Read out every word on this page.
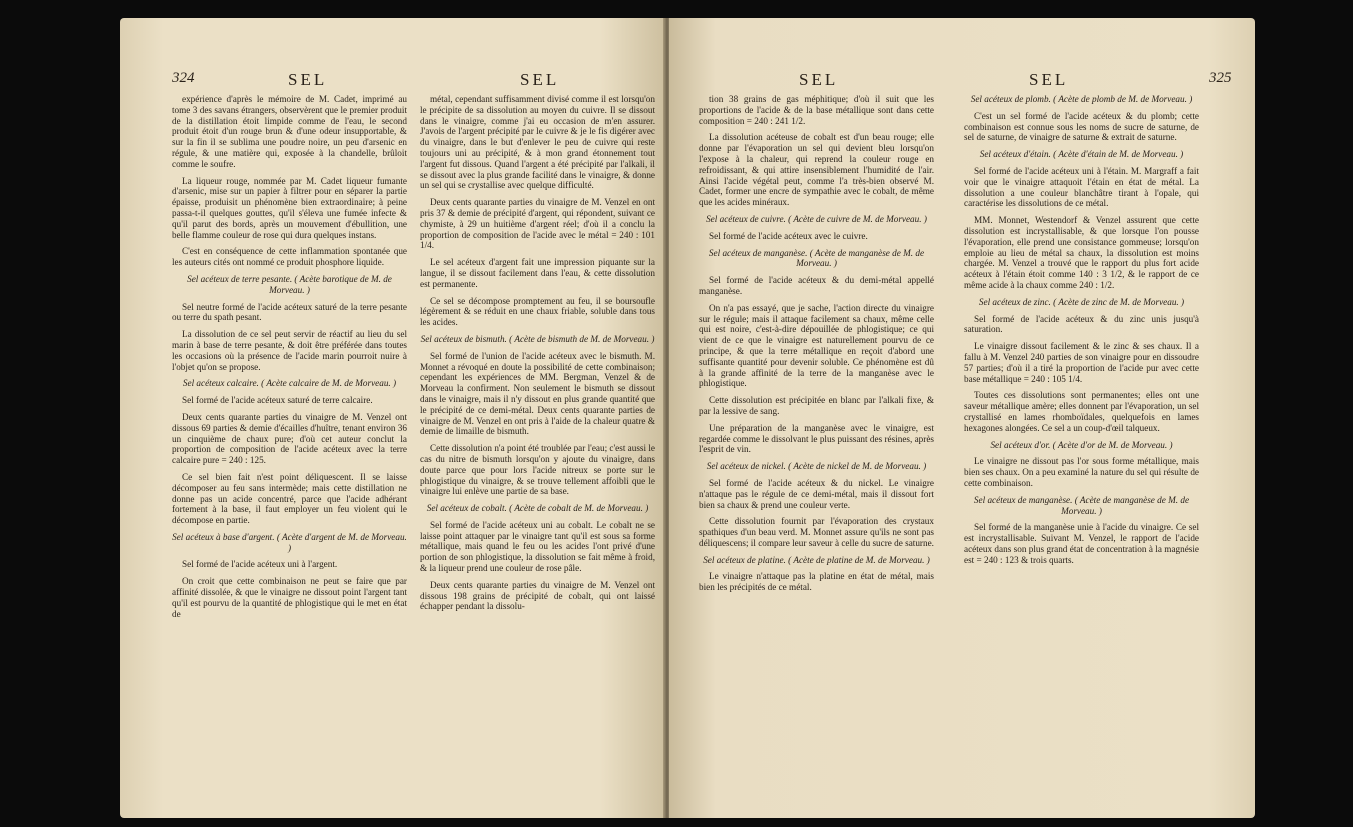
324	SEL	SEL

expérience d'après le mémoire de M. Cadet, imprimé au tome 3 des savans étrangers, observèrent que le premier produit de la distillation étoit limpide comme de l'eau, le second produit étoit d'un rouge brun & d'une odeur insupportable, & sur la fin il se sublima une poudre noire, un peu d'arsenic en régule, & une matière qui, exposée à la chandelle, brûloit comme le soufre.

La liqueur rouge, nommée par M. Cadet liqueur fumante d'arsenic, mise sur un papier à filtrer pour en séparer la partie épaisse, produisit un phénomène bien extraordinaire; à peine passa-t-il quelques gouttes, qu'il s'éleva une fumée infecte & qu'il parut des bords, après un mouvement d'ébullition, une belle flamme couleur de rose qui dura quelques instans.

C'est en conséquence de cette inflammation spontanée que les auteurs cités ont nommé ce produit phosphore liquide.

Sel acéteux de terre pesante. ( Acète barotique de M. de Morveau. )

Sel neutre formé de l'acide acéteux saturé de la terre pesante ou terre du spath pesant.

La dissolution de ce sel peut servir de réactif au lieu du sel marin à base de terre pesante, & doit être préférée dans toutes les occasions où la présence de l'acide marin pourroit nuire à l'objet qu'on se propose.

Sel acéteux calcaire. ( Acète calcaire de M. de Morveau. )

Sel formé de l'acide acéteux saturé de terre calcaire.

Deux cents quarante parties du vinaigre de M. Venzel ont dissous 69 parties & demie d'écailles d'huître, tenant environ 36 un cinquième de chaux pure; d'où cet auteur conclut la proportion de composition de l'acide acéteux avec la terre calcaire pure = 240 : 125.

Ce sel bien fait n'est point déliquescent. Il se laisse décomposer au feu sans intermède; mais cette distillation ne donne pas un acide concentré, parce que l'acide adhérant fortement à la base, il faut employer un feu violent qui le décompose en partie.

Sel acéteux à base d'argent. ( Acète d'argent de M. de Morveau. )

Sel formé de l'acide acéteux uni à l'argent.

On croit que cette combinaison ne peut se faire que par affinité dissolée, & que le vinaigre ne dissout point l'argent tant qu'il est pourvu de la quantité de phlogistique qui le met en état de

métal, cependant suffisamment divisé comme il est lorsqu'on le précipite de sa dissolution au moyen du cuivre. Il se dissout dans le vinaigre, comme j'ai eu occasion de m'en assurer. J'avois de l'argent précipité par le cuivre & je le fis digérer avec du vinaigre, dans le but d'enlever le peu de cuivre qui reste toujours uni au précipité, & à mon grand étonnement tout l'argent fut dissous. Quand l'argent a été précipité par l'alkali, il se dissout avec la plus grande facilité dans le vinaigre, & donne un sel qui se crystallise avec quelque difficulté.

Deux cents quarante parties du vinaigre de M. Venzel en ont pris 37 & demie de précipité d'argent, qui répondent, suivant ce chymiste, à 29 un huitième d'argent réel; d'où il a conclu la proportion de composition de l'acide avec le métal = 240 : 101 1/4.

Le sel acéteux d'argent fait une impression piquante sur la langue, il se dissout facilement dans l'eau, & cette dissolution est permanente.

Ce sel se décompose promptement au feu, il se boursoufle légèrement & se réduit en une chaux friable, soluble dans tous les acides.

Sel acéteux de bismuth. ( Acète de bismuth de M. de Morveau. )

Sel formé de l'union de l'acide acéteux avec le bismuth. M. Monnet a révoqué en doute la possibilité de cette combinaison; cependant les expériences de MM. Bergman, Venzel & de Morveau la confirment. Non seulement le bismuth se dissout dans le vinaigre, mais il n'y dissout en plus grande quantité que le précipité de ce demi-métal. Deux cents quarante parties de vinaigre de M. Venzel en ont pris à l'aide de la chaleur quatre & demie de limaille de bismuth.

Cette dissolution n'a point été troublée par l'eau; c'est aussi le cas du nitre de bismuth lorsqu'on y ajoute du vinaigre, dans doute parce que pour lors l'acide nitreux se porte sur le phlogistique du vinaigre, & se trouve tellement affoibli que le vinaigre lui enlève une partie de sa base.

Sel acéteux de cobalt. ( Acète de cobalt de M. de Morveau. )

Sel formé de l'acide acéteux uni au cobalt. Le cobalt ne se laisse point attaquer par le vinaigre tant qu'il est sous sa forme métallique, mais quand le feu ou les acides l'ont privé d'une portion de son phlogistique, la dissolution se fait même à froid, & la liqueur prend une couleur de rose pâle.

Deux cents quarante parties du vinaigre de M. Venzel ont dissous 198 grains de précipité de cobalt, qui ont laissé échapper pendant la dissolu-

SEL	SEL	325

tion 38 grains de gas méphitique; d'où il suit que les proportions de l'acide & de la base métallique sont dans cette composition = 240 : 241 1/2.

La dissolution acéteuse de cobalt est d'un beau rouge; elle donne par l'évaporation un sel qui devient bleu lorsqu'on l'expose à la chaleur, qui reprend la couleur rouge en refroidissant, & qui attire insensiblement l'humidité de l'air. Ainsi l'acide végétal peut, comme l'a très-bien observé M. Cadet, former une encre de sympathie avec le cobalt, de même que les acides minéraux.

Sel acéteux de cuivre. ( Acète de cuivre de M. de Morveau. )

Sel formé de l'acide acéteux avec le cuivre.

Sel acéteux de manganèse. ( Acète de manganèse de M. de Morveau. )

Sel formé de l'acide acéteux & du demi-métal appellé manganèse.

On n'a pas essayé, que je sache, l'action directe du vinaigre sur le régule; mais il attaque facilement sa chaux, même celle qui est noire, c'est-à-dire dépouillée de phlogistique; ce qui vient de ce que le vinaigre est naturellement pourvu de ce principe, & que la terre métallique en reçoit d'abord une suffisante quantité pour devenir soluble. Ce phénomène est dû à la grande affinité de la terre de la manganèse avec le phlogistique.

Cette dissolution est précipitée en blanc par l'alkali fixe, & par la lessive de sang.

Une préparation de la manganèse avec le vinaigre, est regardée comme le dissolvant le plus puissant des résines, après l'esprit de vin.

Sel acéteux de nickel. ( Acète de nickel de M. de Morveau. )

Sel formé de l'acide acéteux & du nickel. Le vinaigre n'attaque pas le régule de ce demi-métal, mais il dissout fort bien sa chaux & prend une couleur verte.

Cette dissolution fournit par l'évaporation des crystaux spathiques d'un beau verd. M. Monnet assure qu'ils ne sont pas déliquescens; il compare leur saveur à celle du sucre de saturne.

Sel acéteux de platine. ( Acète de platine de M. de Morveau. )

Le vinaigre n'attaque pas la platine en état de métal, mais bien les précipités de ce métal.

Sel acéteux de plomb. ( Acète de plomb de M. de Morveau. )

C'est un sel formé de l'acide acéteux & du plomb; cette combinaison est connue sous les noms de sucre de saturne, de sel de saturne, de vinaigre de saturne & extrait de saturne.

Sel acéteux d'étain. ( Acète d'étain de M. de Morveau. )

Sel formé de l'acide acéteux uni à l'étain. M. Margraff a fait voir que le vinaigre attaquoit l'étain en état de métal. La dissolution a une couleur blanchâtre tirant à l'opale, qui caractérise les dissolutions de ce métal.

MM. Monnet, Westendorf & Venzel assurent que cette dissolution est incrystallisable, & que lorsque l'on pousse l'évaporation, elle prend une consistance gommeuse; lorsqu'on emploie au lieu de métal sa chaux, la dissolution est moins chargée. M. Venzel a trouvé que le rapport du plus fort acide acéteux à l'étain étoit comme 140 : 3 1/2, & le rapport de ce même acide à la chaux comme 240 : 1/2.

Sel acéteux de zinc. ( Acète de zinc de M. de Morveau. )

Sel formé de l'acide acéteux & du zinc unis jusqu'à saturation.

Le vinaigre dissout facilement & le zinc & ses chaux. Il a fallu à M. Venzel 240 parties de son vinaigre pour en dissoudre 57 parties; d'où il a tiré la proportion de l'acide pur avec cette base métallique = 240 : 105 1/4.

Toutes ces dissolutions sont permanentes; elles ont une saveur métallique amère; elles donnent par l'évaporation, un sel crystallisé en lames rhomboïdales, quelquefois en lames hexagones alongées. Ce sel a un coup-d'œil talqueux.

Sel acéteux d'or. ( Acète d'or de M. de Morveau. )

Le vinaigre ne dissout pas l'or sous forme métallique, mais bien ses chaux. On a peu examiné la nature du sel qui résulte de cette combinaison.

Sel acéteux de manganèse. ( Acète de manganèse de M. de Morveau. )

Sel formé de la manganèse unie à l'acide du vinaigre. Ce sel est incrystallisable. Suivant M. Venzel, le rapport de l'acide acéteux dans son plus grand état de concentration à la magnésie est = 240 : 123 & trois quarts.
